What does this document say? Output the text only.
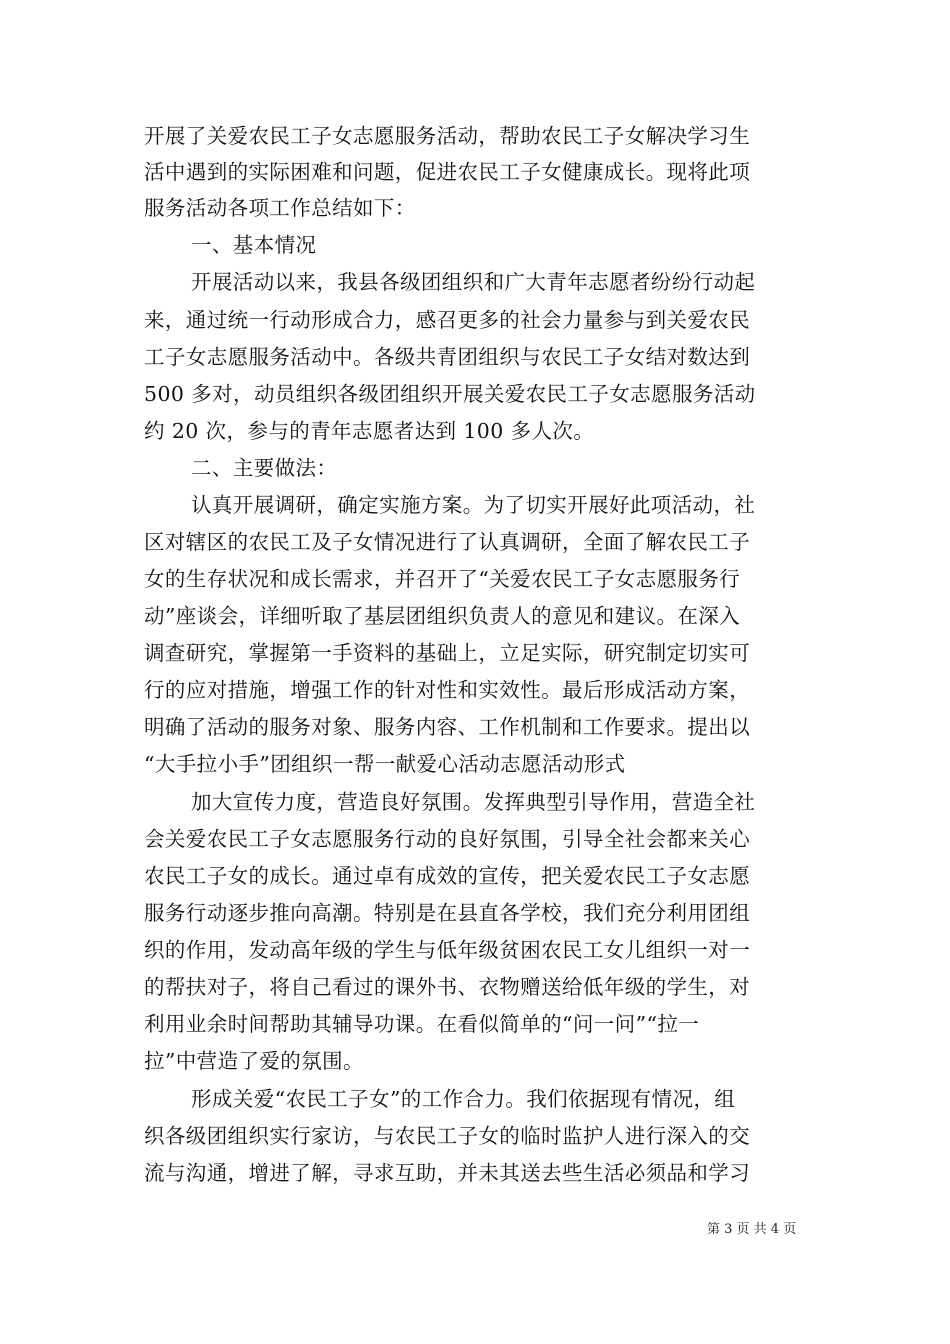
开展了关爱农民工子女志愿服务活动，帮助农民工子女解决学习生
活中遇到的实际困难和问题，促进农民工子女健康成长。现将此项
服务活动各项工作总结如下：
一、基本情况
开展活动以来，我县各级团组织和广大青年志愿者纷纷行动起
来，通过统一行动形成合力，感召更多的社会力量参与到关爱农民
工子女志愿服务活动中。各级共青团组织与农民工子女结对数达到
500 多对，动员组织各级团组织开展关爱农民工子女志愿服务活动
约 20 次，参与的青年志愿者达到 100 多人次。
二、主要做法：
认真开展调研，确定实施方案。为了切实开展好此项活动，社
区对辖区的农民工及子女情况进行了认真调研，全面了解农民工子
女的生存状况和成长需求，并召开了“关爱农民工子女志愿服务行
动”座谈会，详细听取了基层团组织负责人的意见和建议。在深入
调查研究，掌握第一手资料的基础上，立足实际，研究制定切实可
行的应对措施，增强工作的针对性和实效性。最后形成活动方案，
明确了活动的服务对象、服务内容、工作机制和工作要求。提出以
“大手拉小手”团组织一帮一献爱心活动志愿活动形式
加大宣传力度，营造良好氛围。发挥典型引导作用，营造全社
会关爱农民工子女志愿服务行动的良好氛围，引导全社会都来关心
农民工子女的成长。通过卓有成效的宣传，把关爱农民工子女志愿
服务行动逐步推向高潮。特别是在县直各学校，我们充分利用团组
织的作用，发动高年级的学生与低年级贫困农民工女儿组织一对一
的帮扶对子，将自己看过的课外书、衣物赠送给低年级的学生，对
利用业余时间帮助其辅导功课。在看似简单的“问一问”“拉一
拉”中营造了爱的氛围。
形成关爱“农民工子女”的工作合力。我们依据现有情况，组
织各级团组织实行家访，与农民工子女的临时监护人进行深入的交
流与沟通，增进了解，寻求互助，并未其送去些生活必须品和学习
第 3 页 共 4 页
